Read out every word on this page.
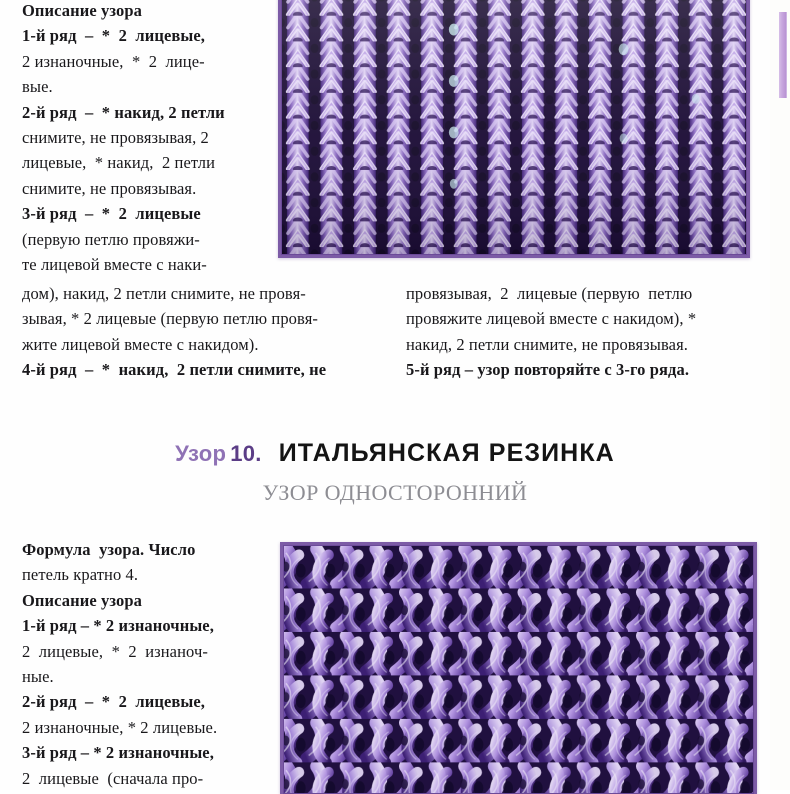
Описание узора

1-й ряд  –  *  2  лицевые,

2 изнаночные,  *  2  лице-

вые.

2-й ряд  –  * накид, 2 петли

снимите, не провязывая, 2

лицевые,  * накид,  2 петли

снимите, не провязывая.

3-й ряд  –  *  2  лицевые

(первую петлю провяжи-

те лицевой вместе с наки-

дом), накид, 2 петли снимите, не провя-

зывая, * 2 лицевые (первую петлю провя-

жите лицевой вместе с накидом).

4-й ряд  –  *  накид,  2 петли снимите, не

провязывая,  2  лицевые (первую  петлю

провяжите лицевой вместе с накидом), *

накид, 2 петли снимите, не провязывая.

5-й ряд – узор повторяйте с 3-го ряда.

Узор 10. ИТАЛЬЯНСКАЯ РЕЗИНКА
УЗОР ОДНОСТОРОННИЙ

Формула  узора. Число

петель кратно 4.

Описание узора

1-й ряд – * 2 изнаночные,

2  лицевые,  *  2  изнаноч-

ные.

2-й ряд  –  *  2  лицевые,

2 изнаночные, * 2 лицевые.

3-й ряд – * 2 изнаночные,

2  лицевые  (сначала про-
